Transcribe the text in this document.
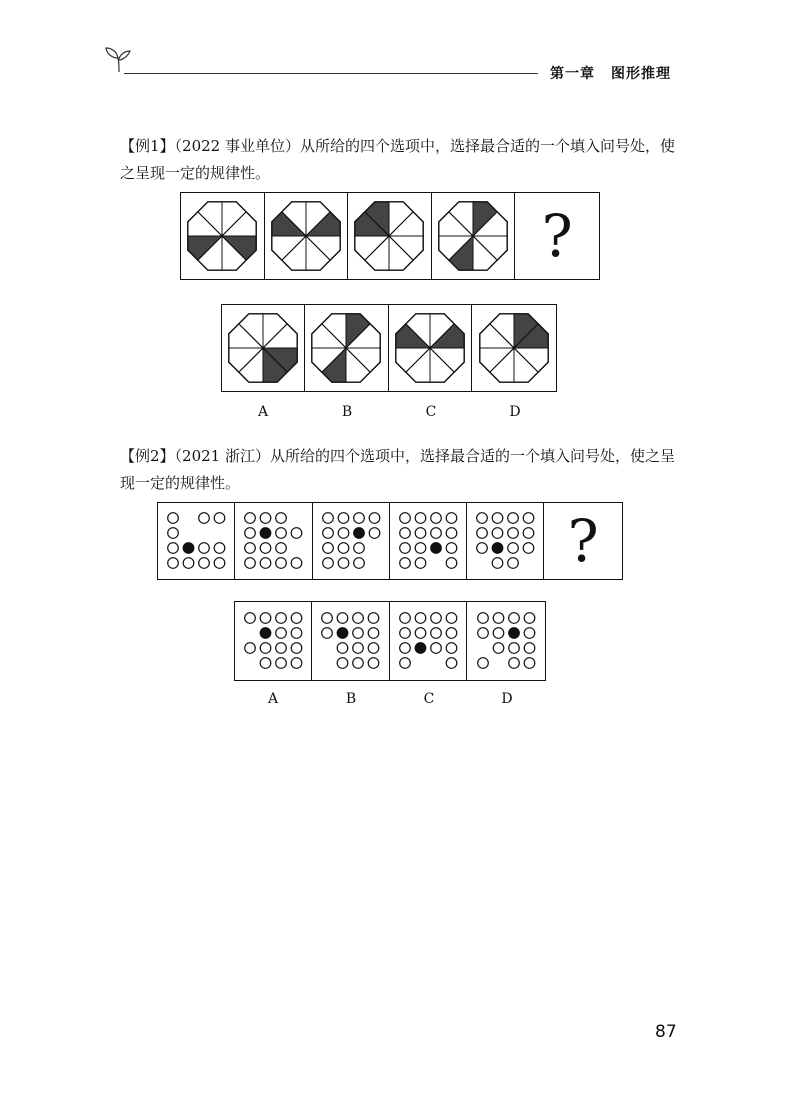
第一章 图形推理
【例1】（2022 事业单位）从所给的四个选项中，选择最合适的一个填入问号处，使之呈现一定的规律性。
?
A	B	C	D
【例2】（2021 浙江）从所给的四个选项中，选择最合适的一个填入问号处，使之呈现一定的规律性。
?
A	B	C	D
87
